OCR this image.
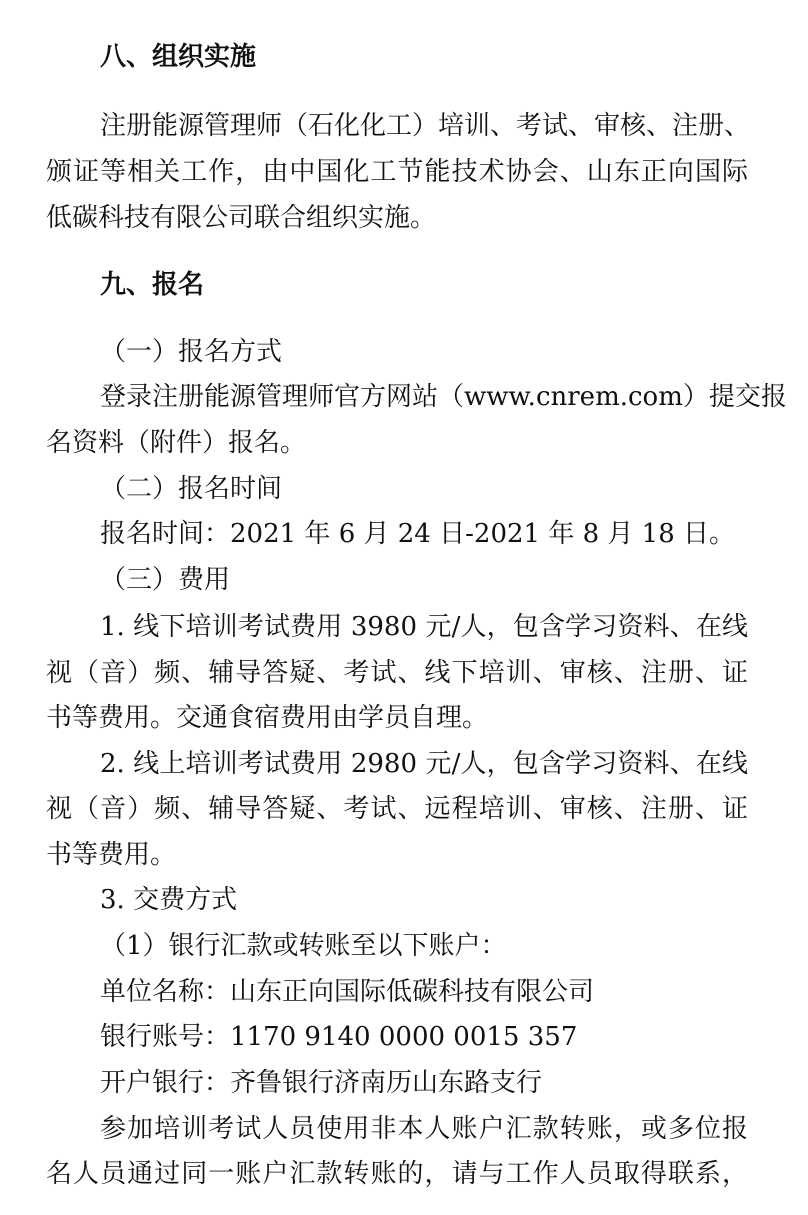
八、组织实施
注册能源管理师（石化化工）培训、考试、审核、注册、
颁证等相关工作，由中国化工节能技术协会、山东正向国际
低碳科技有限公司联合组织实施。
九、报名
（一）报名方式
登录注册能源管理师官方网站（www.cnrem.com）提交报
名资料（附件）报名。
（二）报名时间
报名时间：2021 年 6 月 24 日-2021 年 8 月 18 日。
（三）费用
1. 线下培训考试费用 3980 元/人，包含学习资料、在线
视（音）频、辅导答疑、考试、线下培训、审核、注册、证
书等费用。交通食宿费用由学员自理。
2. 线上培训考试费用 2980 元/人，包含学习资料、在线
视（音）频、辅导答疑、考试、远程培训、审核、注册、证
书等费用。
3. 交费方式
（1）银行汇款或转账至以下账户：
单位名称：山东正向国际低碳科技有限公司
银行账号：1170 9140 0000 0015 357
开户银行：齐鲁银行济南历山东路支行
参加培训考试人员使用非本人账户汇款转账，或多位报
名人员通过同一账户汇款转账的，请与工作人员取得联系，
